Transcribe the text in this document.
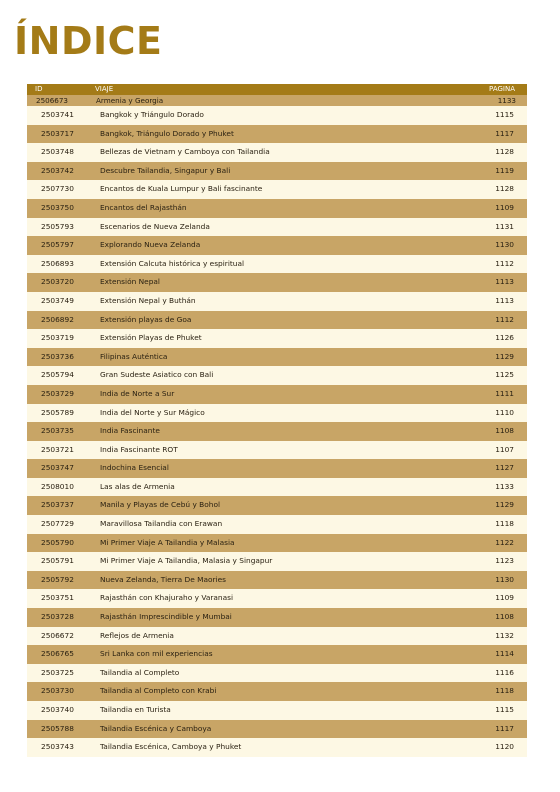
ÍNDICE
ID	VIAJE	PAGINA
2506673	Armenia y Georgia	1133
2503741	Bangkok y Triángulo Dorado	1115
2503717	Bangkok, Triángulo Dorado y Phuket	1117
2503748	Bellezas de Vietnam y Camboya con Tailandia	1128
2503742	Descubre Tailandia, Singapur y Bali	1119
2507730	Encantos de Kuala Lumpur y Bali fascinante	1128
2503750	Encantos del Rajasthán	1109
2505793	Escenarios de Nueva Zelanda	1131
2505797	Explorando Nueva Zelanda	1130
2506893	Extensión Calcuta histórica y espiritual	1112
2503720	Extensión Nepal	1113
2503749	Extensión Nepal y Buthán	1113
2506892	Extensión playas de Goa	1112
2503719	Extensión Playas de Phuket	1126
2503736	Filipinas Auténtica	1129
2505794	Gran Sudeste Asiatico con Bali	1125
2503729	India de Norte a Sur	1111
2505789	India del Norte y Sur Mágico	1110
2503735	India Fascinante	1108
2503721	India Fascinante ROT	1107
2503747	Indochina Esencial	1127
2508010	Las alas de Armenia	1133
2503737	Manila y Playas de Cebú y Bohol	1129
2507729	Maravillosa Tailandia con Erawan	1118
2505790	Mi Primer Viaje A Tailandia y Malasia	1122
2505791	Mi Primer Viaje A Tailandia, Malasia y Singapur	1123
2505792	Nueva Zelanda, Tierra De Maories	1130
2503751	Rajasthán con Khajuraho y Varanasi	1109
2503728	Rajasthán Imprescindible y Mumbai	1108
2506672	Reflejos de Armenia	1132
2506765	Sri Lanka con mil experiencias	1114
2503725	Tailandia al Completo	1116
2503730	Tailandia al Completo con Krabi	1118
2503740	Tailandia en Turista	1115
2505788	Tailandia Escénica y Camboya	1117
2503743	Tailandia Escénica, Camboya y Phuket	1120
